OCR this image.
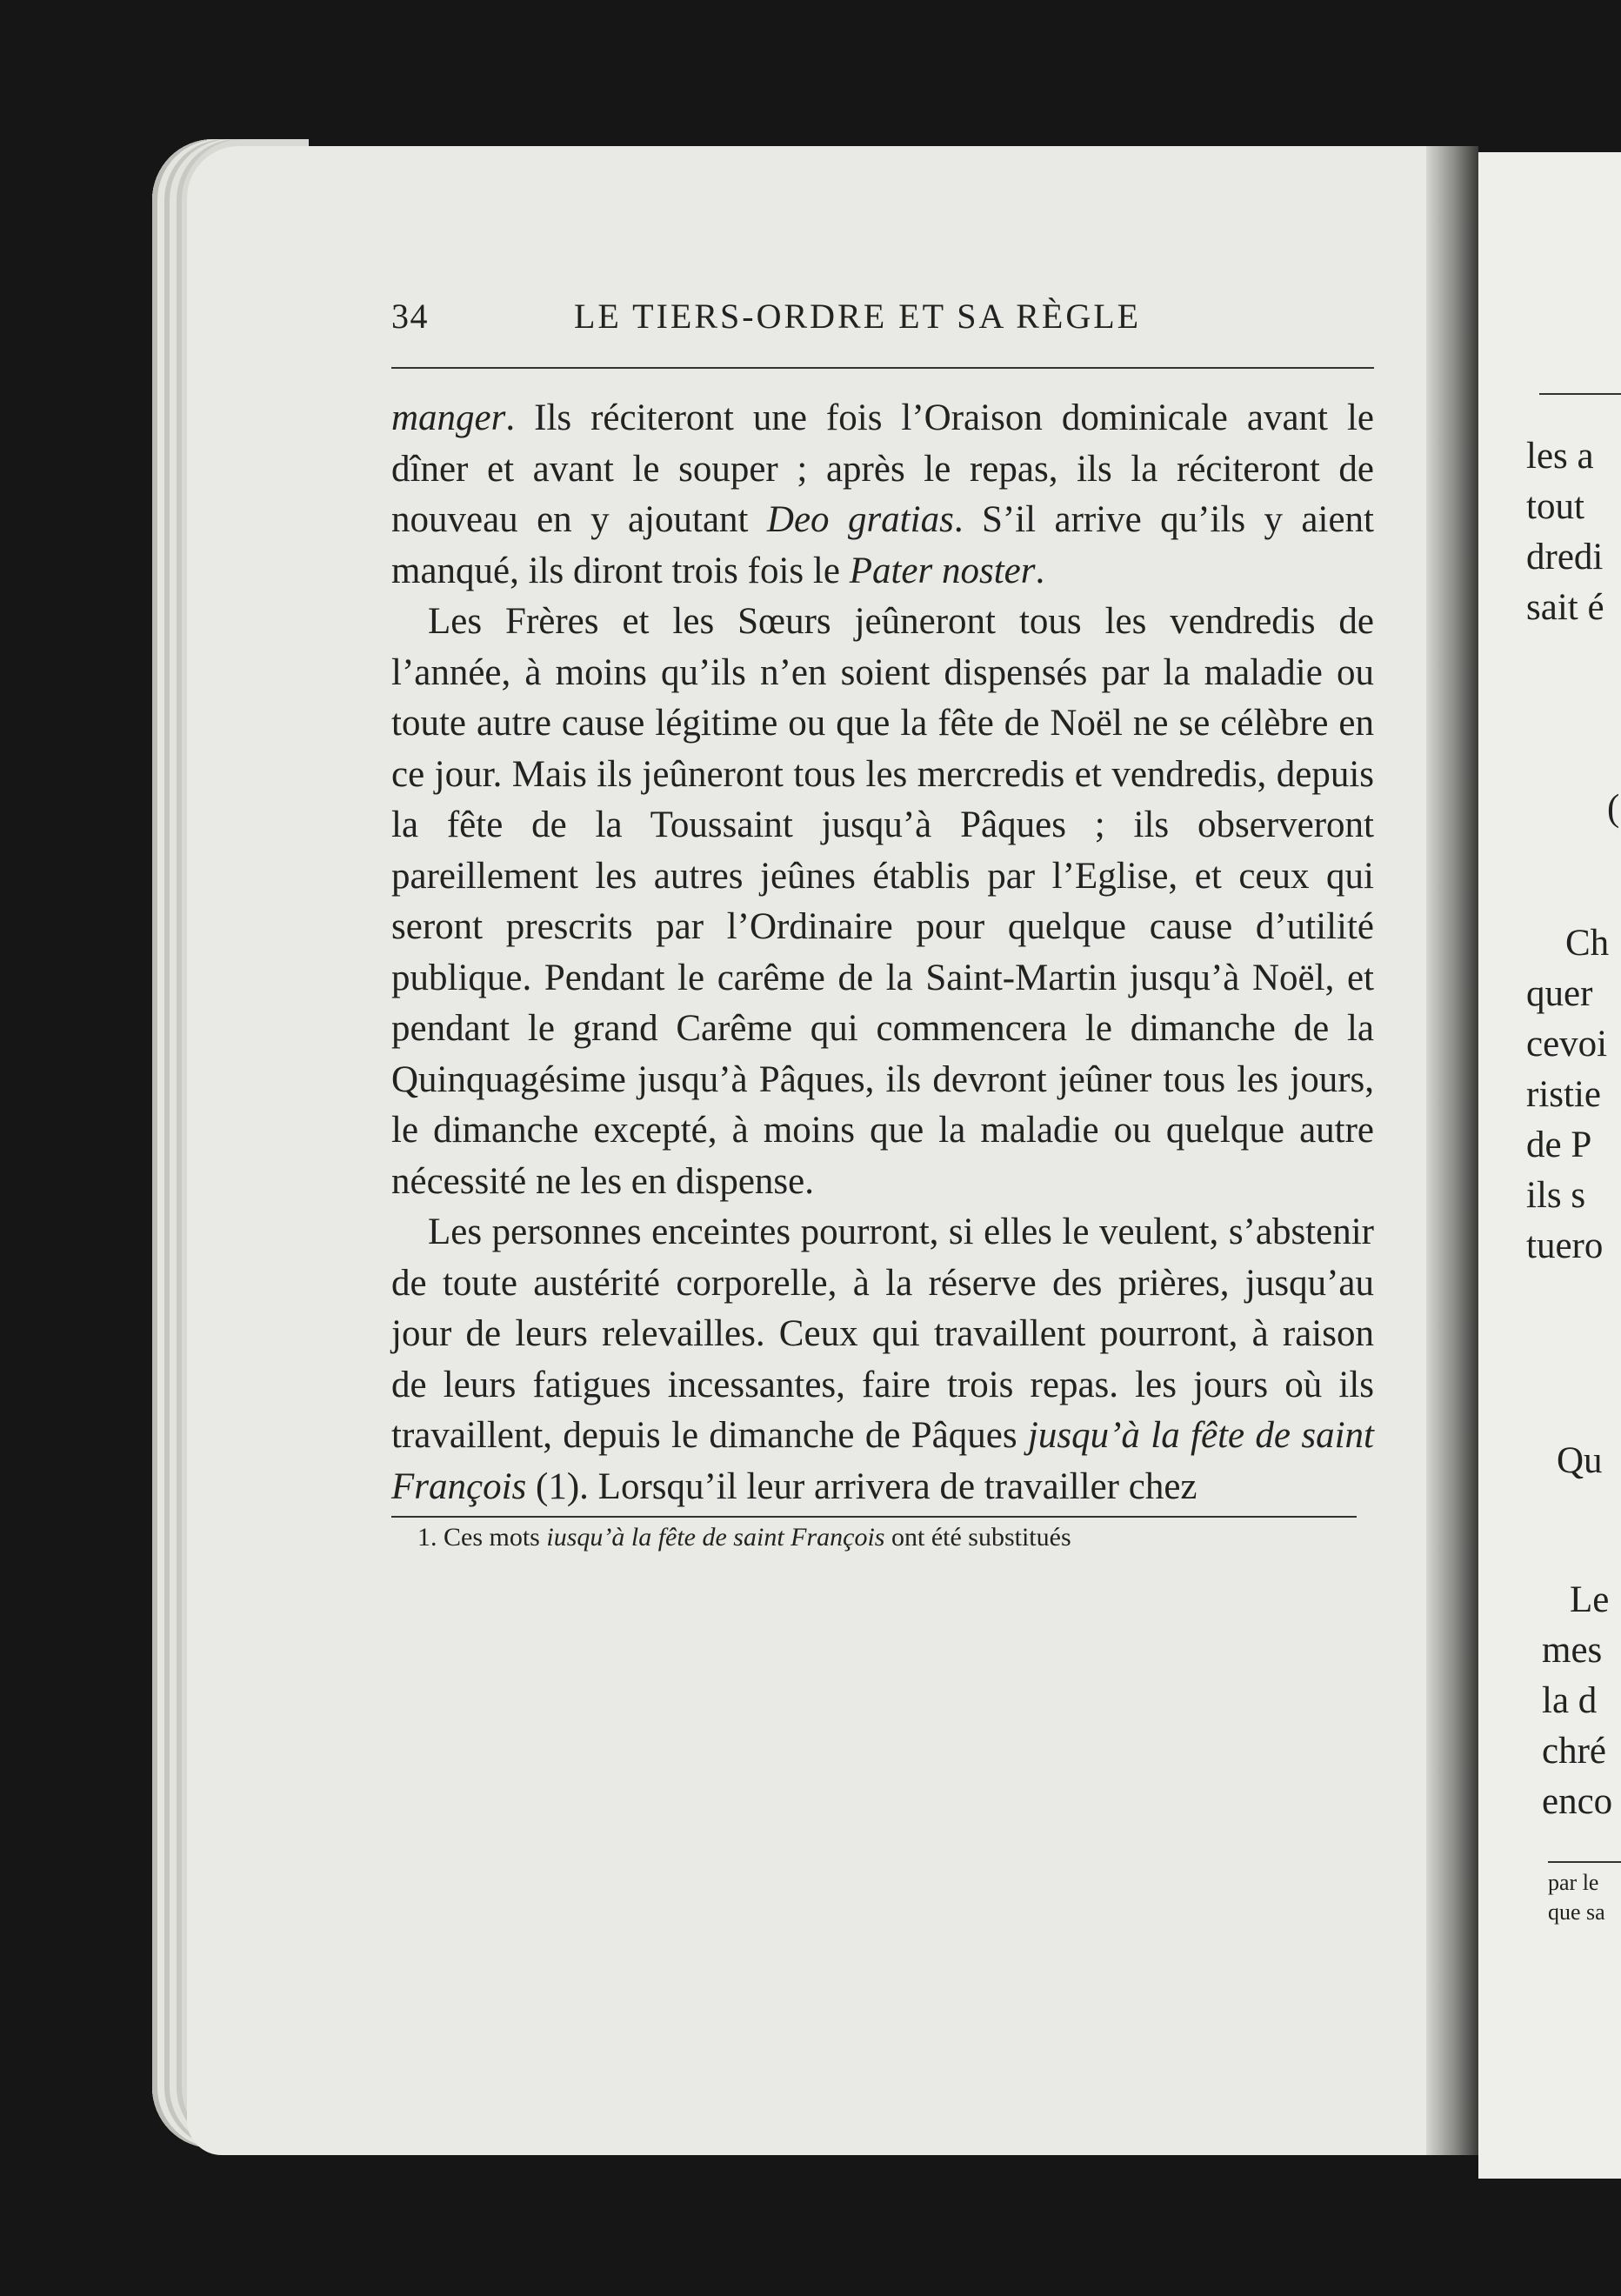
34	LE TIERS-ORDRE ET SA RÈGLE

manger. Ils réciteront une fois l’Oraison dominicale avant le dîner et avant le souper ; après le repas, ils la réciteront de nouveau en y ajoutant Deo gratias. S’il arrive qu’ils y aient manqué, ils diront trois fois le Pater noster.

Les Frères et les Sœurs jeûneront tous les vendredis de l’année, à moins qu’ils n’en soient dispensés par la maladie ou toute autre cause légitime ou que la fête de Noël ne se célèbre en ce jour. Mais ils jeûneront tous les mercredis et vendredis, depuis la fête de la Toussaint jusqu’à Pâques ; ils observeront pareillement les autres jeûnes établis par l’Eglise, et ceux qui seront prescrits par l’Ordinaire pour quelque cause d’utilité publique. Pendant le carême de la Saint-Martin jusqu’à Noël, et pendant le grand Carême qui commencera le dimanche de la Quinquagésime jusqu’à Pâques, ils devront jeûner tous les jours, le dimanche excepté, à moins que la maladie ou quelque autre nécessité ne les en dispense.

Les personnes enceintes pourront, si elles le veulent, s’abstenir de toute austérité corporelle, à la réserve des prières, jusqu’au jour de leurs relevailles. Ceux qui travaillent pourront, à raison de leurs fatigues incessantes, faire trois repas. les jours où ils travaillent, depuis le dimanche de Pâques jusqu’à la fête de saint François (1). Lorsqu’il leur arrivera de travailler chez

1. Ces mots iusqu’à la fête de saint François ont été substitués
les a
tout
dredi
sait é
(
Ch
quer
cevoi
ristie
de P
ils s
tuero
Qu
Le
mes
la d
chré
enco
par le
que sa
